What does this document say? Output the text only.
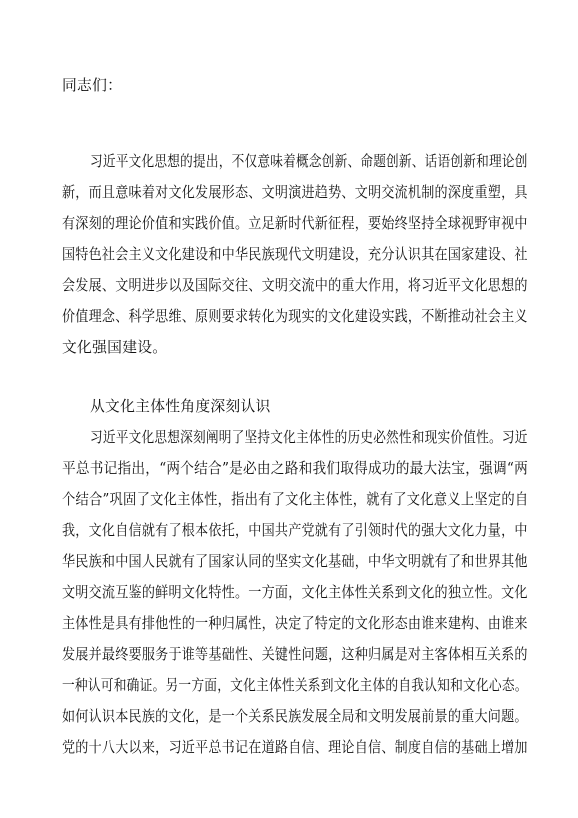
同志们：
习近平文化思想的提出，不仅意味着概念创新、命题创新、话语创新和理论创
新，而且意味着对文化发展形态、文明演进趋势、文明交流机制的深度重塑，具
有深刻的理论价值和实践价值。立足新时代新征程，要始终坚持全球视野审视中
国特色社会主义文化建设和中华民族现代文明建设，充分认识其在国家建设、社
会发展、文明进步以及国际交往、文明交流中的重大作用，将习近平文化思想的
价值理念、科学思维、原则要求转化为现实的文化建设实践，不断推动社会主义
文化强国建设。
从文化主体性角度深刻认识
习近平文化思想深刻阐明了坚持文化主体性的历史必然性和现实价值性。习近
平总书记指出，“两个结合”是必由之路和我们取得成功的最大法宝，强调“两
个结合”巩固了文化主体性，指出有了文化主体性，就有了文化意义上坚定的自
我，文化自信就有了根本依托，中国共产党就有了引领时代的强大文化力量，中
华民族和中国人民就有了国家认同的坚实文化基础，中华文明就有了和世界其他
文明交流互鉴的鲜明文化特性。一方面，文化主体性关系到文化的独立性。文化
主体性是具有排他性的一种归属性，决定了特定的文化形态由谁来建构、由谁来
发展并最终要服务于谁等基础性、关键性问题，这种归属是对主客体相互关系的
一种认可和确证。另一方面，文化主体性关系到文化主体的自我认知和文化心态。
如何认识本民族的文化，是一个关系民族发展全局和文明发展前景的重大问题。
党的十八大以来，习近平总书记在道路自信、理论自信、制度自信的基础上增加
